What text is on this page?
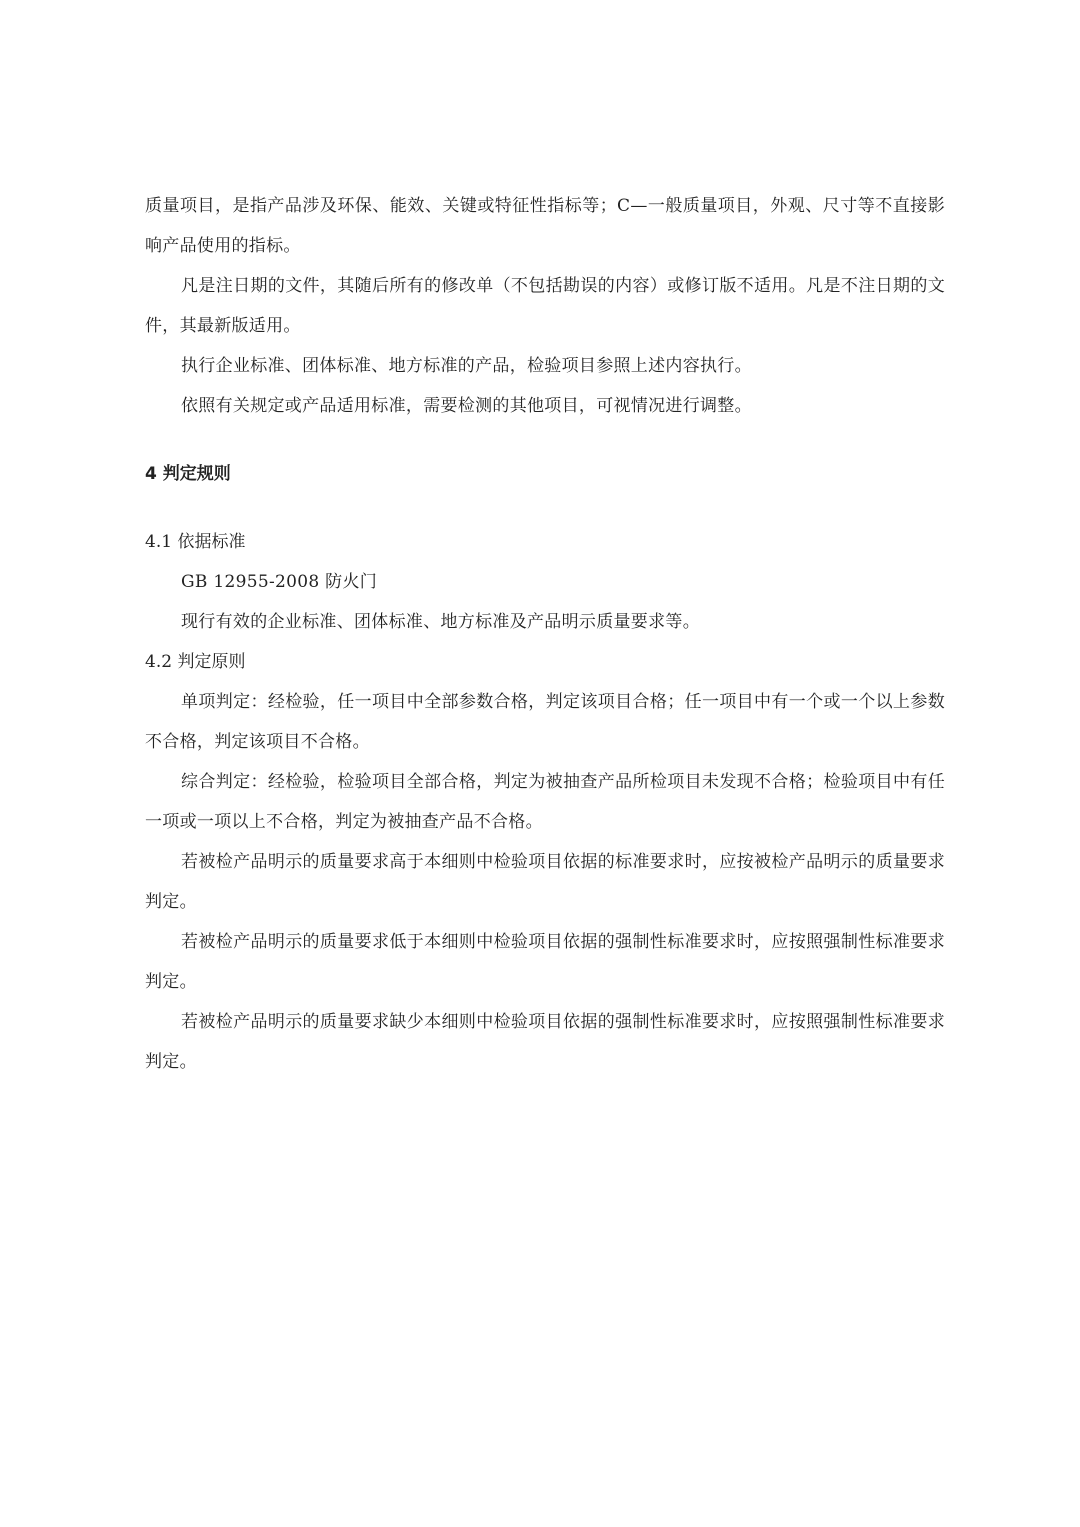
质量项目，是指产品涉及环保、能效、关键或特征性指标等；C—一般质量项目，外观、尺寸等不直接影响产品使用的指标。

凡是注日期的文件，其随后所有的修改单（不包括勘误的内容）或修订版不适用。凡是不注日期的文件，其最新版适用。

执行企业标准、团体标准、地方标准的产品，检验项目参照上述内容执行。

依照有关规定或产品适用标准，需要检测的其他项目，可视情况进行调整。

4 判定规则

4.1 依据标准

GB 12955-2008 防火门

现行有效的企业标准、团体标准、地方标准及产品明示质量要求等。

4.2 判定原则

单项判定：经检验，任一项目中全部参数合格，判定该项目合格；任一项目中有一个或一个以上参数不合格，判定该项目不合格。

综合判定：经检验，检验项目全部合格，判定为被抽查产品所检项目未发现不合格；检验项目中有任一项或一项以上不合格，判定为被抽查产品不合格。

若被检产品明示的质量要求高于本细则中检验项目依据的标准要求时，应按被检产品明示的质量要求判定。

若被检产品明示的质量要求低于本细则中检验项目依据的强制性标准要求时，应按照强制性标准要求判定。

若被检产品明示的质量要求缺少本细则中检验项目依据的强制性标准要求时，应按照强制性标准要求判定。
